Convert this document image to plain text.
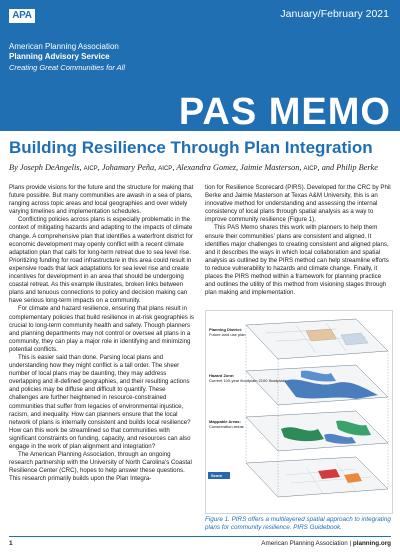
APA	January/February 2021
American Planning Association
Planning Advisory Service
Creating Great Communities for All
PAS MEMO
Building Resilience Through Plan Integration
By Joseph DeAngelis, AICP, Johamary Peña, AICP, Alexandra Gomez, Jaimie Masterson, AICP, and Philip Berke

Plans provide visions for the future and the structure for making that future possible. But many communities are awash in a sea of plans, ranging across topic areas and local geographies and over widely varying timelines and implementation schedules.

Conflicting policies across plans is especially problematic in the context of mitigating hazards and adapting to the impacts of climate change. A comprehensive plan that identifies a waterfront district for economic development may openly conflict with a recent climate adaptation plan that calls for long-term retreat due to sea level rise. Prioritizing funding for road infrastructure in this area could result in expensive roads that lack adaptations for sea level rise and create incentives for development in an area that should be undergoing coastal retreat. As this example illustrates, broken links between plans and tenuous connections to policy and decision making can have serious long-term impacts on a community.

For climate and hazard resilience, ensuring that plans result in complementary policies that build resilience in at-risk geographies is crucial to long-term community health and safety. Though planners and planning departments may not control or oversee all plans in a community, they can play a major role in identifying and minimizing potential conflicts.

This is easier said than done. Parsing local plans and understanding how they might conflict is a tall order. The sheer number of local plans may be daunting, they may address overlapping and ill-defined geographies, and their resulting actions and policies may be diffuse and difficult to quantify. These challenges are further heightened in resource-constrained communities that suffer from legacies of environmental injustice, racism, and inequality. How can planners ensure that the local network of plans is internally consistent and builds local resilience? How can this work be streamlined so that communities with significant constraints on funding, capacity, and resources can also engage in the work of plan alignment and integration?

The American Planning Association, through an ongoing research partnership with the University of North Carolina’s Coastal Resilience Center (CRC), hopes to help answer these questions. This research primarily builds upon the Plan Integra-

tion for Resilience Scorecard (PIRS). Developed for the CRC by Phil Berke and Jaimie Masterson at Texas A&M University, this is an innovative method for understanding and assessing the internal consistency of local plans through spatial analysis as a way to improve community resilience (Figure 1).

This PAS Memo shares this work with planners to help them ensure their communities’ plans are consistent and aligned. It identifies major challenges to creating consistent and aligned plans, and it describes the ways in which local collaboration and spatial analysis as outlined by the PIRS method can help streamline efforts to reduce vulnerability to hazards and climate change. Finally, it places the PIRS method within a framework for planning practice and outlines the utility of this method from visioning stages through plan making and implementation.

Planning District:
Future land use plan
Hazard Zone:
Current 100-year floodplain 2100 floodplain
Mappable Areas:
Conservation areas
Score
Figure 1. PIRS offers a multilayered spatial approach to integrating plans for community resilience. PIRS Guidebook.
1	American Planning Association | planning.org
